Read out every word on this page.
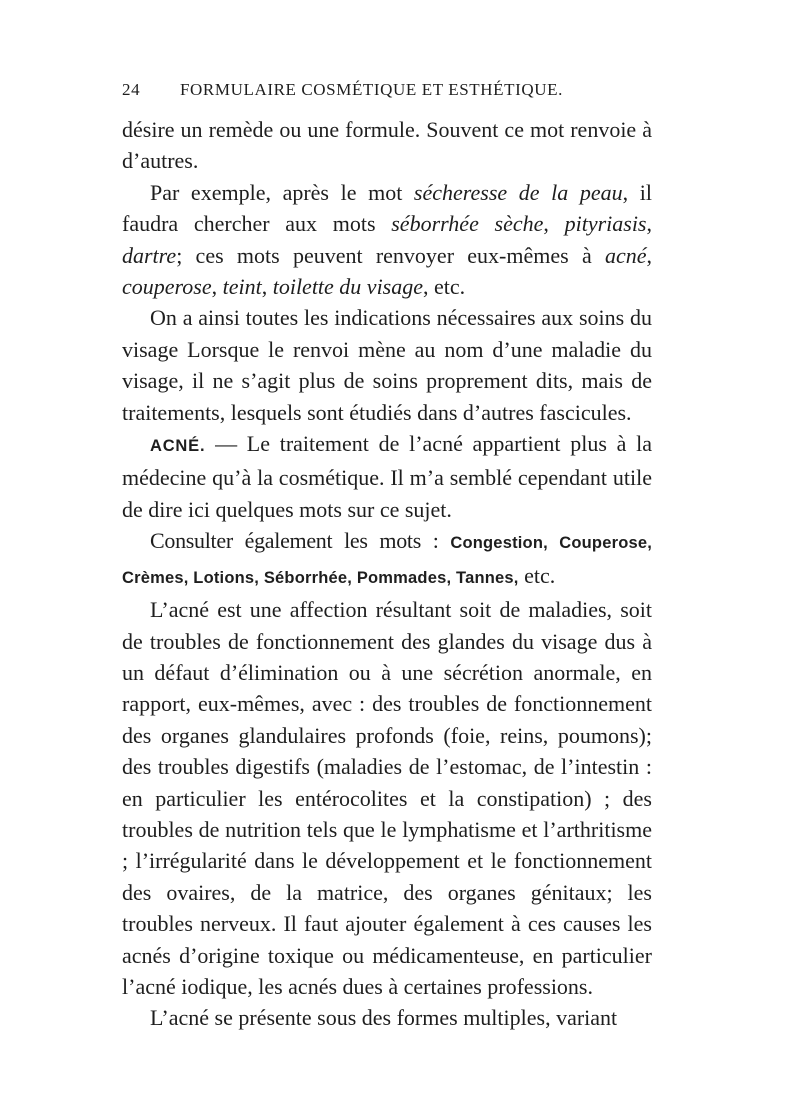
24	FORMULAIRE COSMÉTIQUE ET ESTHÉTIQUE.

désire un remède ou une formule. Souvent ce mot renvoie à d’autres.

Par exemple, après le mot sécheresse de la peau, il faudra chercher aux mots séborrhée sèche, pityriasis, dartre; ces mots peuvent renvoyer eux-mêmes à acné, couperose, teint, toilette du visage, etc.

On a ainsi toutes les indications nécessaires aux soins du visage Lorsque le renvoi mène au nom d’une maladie du visage, il ne s’agit plus de soins proprement dits, mais de traitements, lesquels sont étudiés dans d’autres fascicules.

ACNÉ. — Le traitement de l’acné appartient plus à la médecine qu’à la cosmétique. Il m’a semblé cependant utile de dire ici quelques mots sur ce sujet.

Consulter également les mots : Congestion, Couperose, Crèmes, Lotions, Séborrhée, Pommades, Tannes, etc.

L’acné est une affection résultant soit de maladies, soit de troubles de fonctionnement des glandes du visage dus à un défaut d’élimination ou à une sécrétion anormale, en rapport, eux-mêmes, avec : des troubles de fonctionnement des organes glandulaires profonds (foie, reins, poumons); des troubles digestifs (maladies de l’estomac, de l’intestin : en particulier les entérocolites et la constipation) ; des troubles de nutrition tels que le lymphatisme et l’arthritisme ; l’irrégularité dans le développement et le fonctionnement des ovaires, de la matrice, des organes génitaux; les troubles nerveux. Il faut ajouter également à ces causes les acnés d’origine toxique ou médicamenteuse, en particulier l’acné iodique, les acnés dues à certaines professions.

L’acné se présente sous des formes multiples, variant
